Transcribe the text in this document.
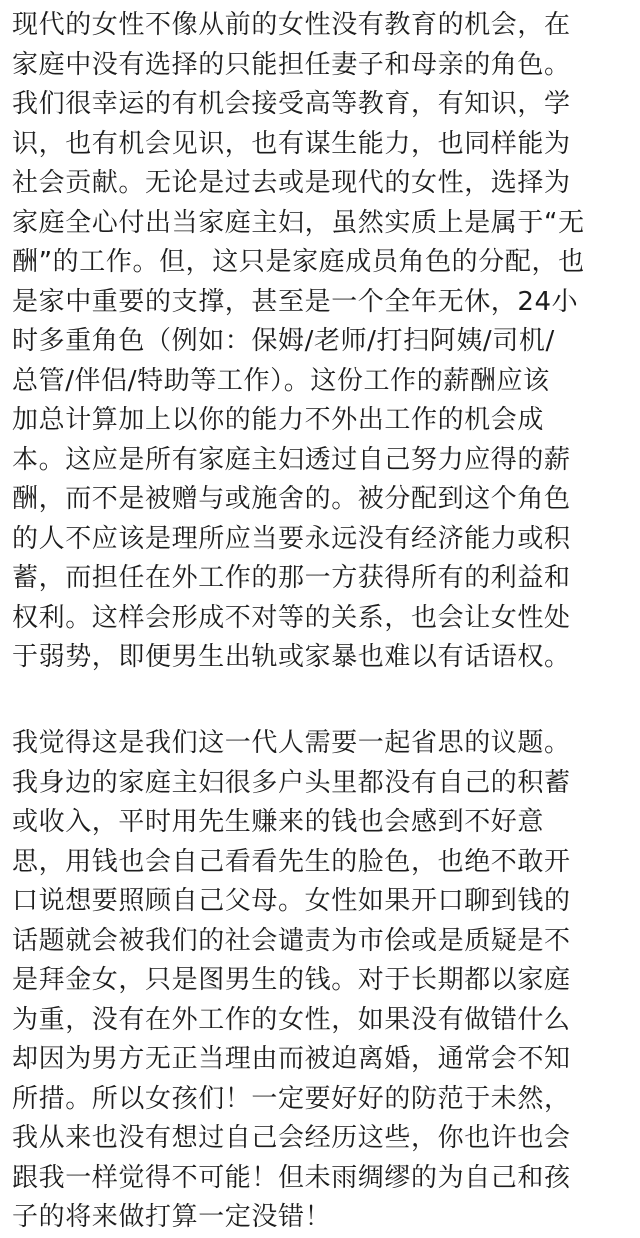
现代的女性不像从前的女性没有教育的机会，在
家庭中没有选择的只能担任妻子和母亲的角色。
我们很幸运的有机会接受高等教育，有知识，学
识，也有机会见识，也有谋生能力，也同样能为
社会贡献。无论是过去或是现代的女性，选择为
家庭全心付出当家庭主妇，虽然实质上是属于“无
酬”的工作。但，这只是家庭成员角色的分配，也
是家中重要的支撑，甚至是一个全年无休，24小
时多重角色（例如：保姆/老师/打扫阿姨/司机/
总管/伴侣/特助等工作）。这份工作的薪酬应该
加总计算加上以你的能力不外出工作的机会成
本。这应是所有家庭主妇透过自己努力应得的薪
酬，而不是被赠与或施舍的。被分配到这个角色
的人不应该是理所应当要永远没有经济能力或积
蓄，而担任在外工作的那一方获得所有的利益和
权利。这样会形成不对等的关系，也会让女性处
于弱势，即便男生出轨或家暴也难以有话语权。
我觉得这是我们这一代人需要一起省思的议题。
我身边的家庭主妇很多户头里都没有自己的积蓄
或收入，平时用先生赚来的钱也会感到不好意
思，用钱也会自己看看先生的脸色，也绝不敢开
口说想要照顾自己父母。女性如果开口聊到钱的
话题就会被我们的社会谴责为市侩或是质疑是不
是拜金女，只是图男生的钱。对于长期都以家庭
为重，没有在外工作的女性，如果没有做错什么
却因为男方无正当理由而被迫离婚，通常会不知
所措。所以女孩们！一定要好好的防范于未然，
我从来也没有想过自己会经历这些，你也许也会
跟我一样觉得不可能！但未雨绸缪的为自己和孩
子的将来做打算一定没错！
